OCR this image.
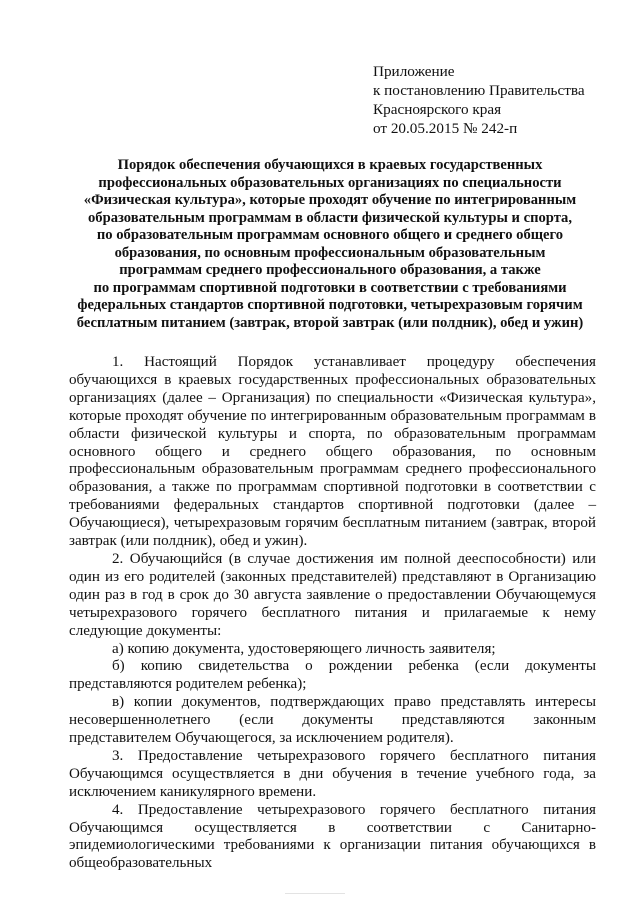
Приложение
к постановлению Правительства
Красноярского края
от 20.05.2015 № 242-п
Порядок обеспечения обучающихся в краевых государственных
профессиональных образовательных организациях по специальности
«Физическая культура», которые проходят обучение по интегрированным
образовательным программам в области физической культуры и спорта,
по образовательным программам основного общего и среднего общего
образования, по основным профессиональным образовательным
программам среднего профессионального образования, а также
по программам спортивной подготовки в соответствии с требованиями
федеральных стандартов спортивной подготовки, четырехразовым горячим
бесплатным питанием (завтрак, второй завтрак (или полдник), обед и ужин)

1. Настоящий Порядок устанавливает процедуру обеспечения обучающихся в краевых государственных профессиональных образовательных организациях (далее – Организация) по специальности «Физическая культура», которые проходят обучение по интегрированным образовательным программам в области физической культуры и спорта, по образовательным программам основного общего и среднего общего образования, по основным профессиональным образовательным программам среднего профессионального образования, а также по программам спортивной подготовки в соответствии с требованиями федеральных стандартов спортивной подготовки (далее – Обучающиеся), четырехразовым горячим бесплатным питанием (завтрак, второй завтрак (или полдник), обед и ужин).

2. Обучающийся (в случае достижения им полной дееспособности) или один из его родителей (законных представителей) представляют в Организацию один раз в год в срок до 30 августа заявление о предоставлении Обучающемуся четырехразового горячего бесплатного питания и прилагаемые к нему следующие документы:

а) копию документа, удостоверяющего личность заявителя;

б) копию свидетельства о рождении ребенка (если документы представляются родителем ребенка);

в) копии документов, подтверждающих право представлять интересы несовершеннолетнего (если документы представляются законным представителем Обучающегося, за исключением родителя).

3. Предоставление четырехразового горячего бесплатного питания Обучающимся осуществляется в дни обучения в течение учебного года, за исключением каникулярного времени.

4. Предоставление четырехразового горячего бесплатного питания Обучающимся осуществляется в соответствии с Санитарно-эпидемиологическими требованиями к организации питания обучающихся в общеобразовательных
